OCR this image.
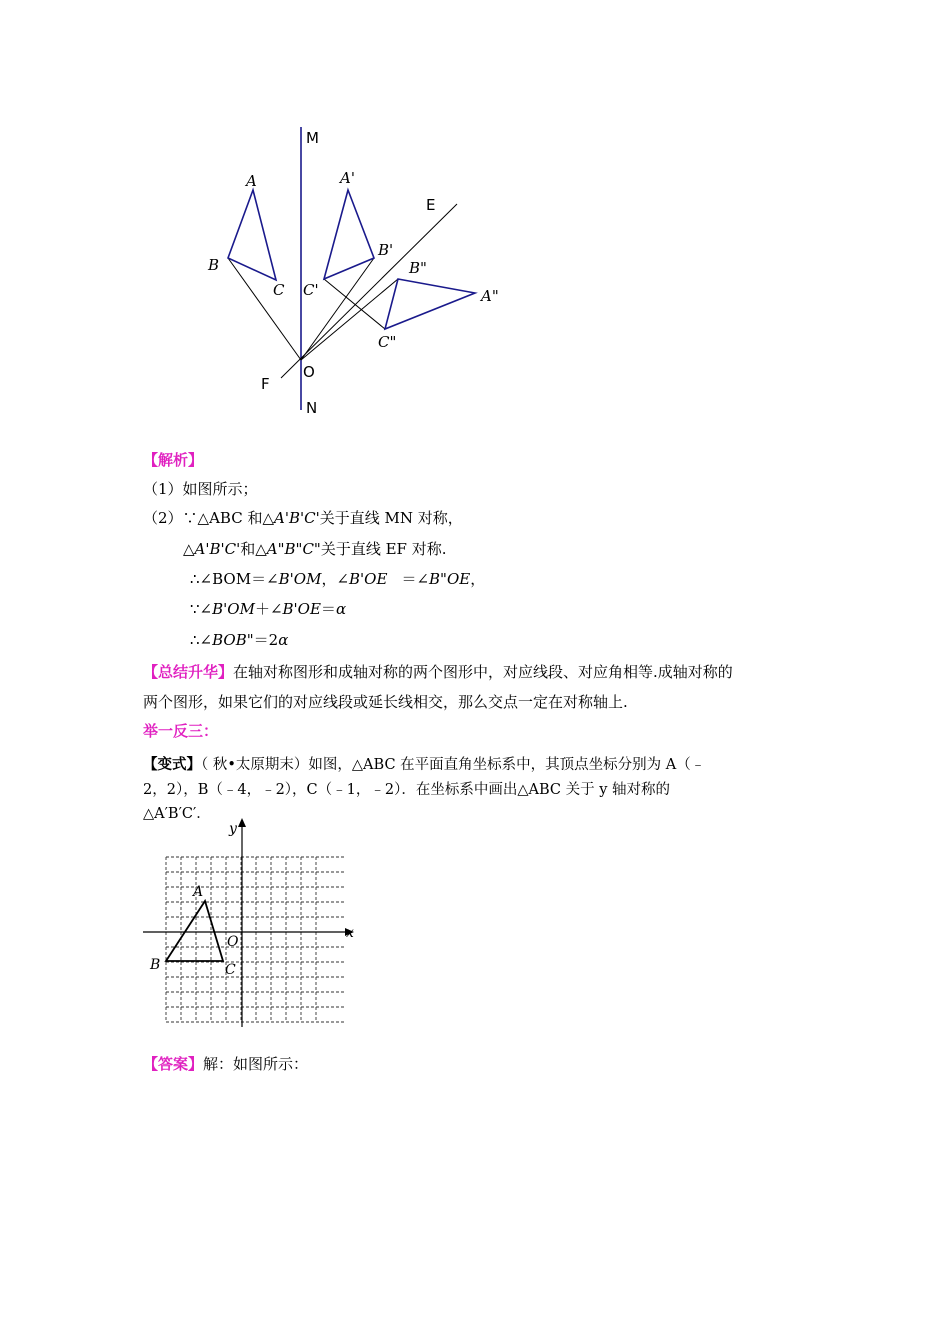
M
N
O
E
F
A
B
C
A'
B'
C'	A"
B"
C"
【解析】
（1）如图所示；
（2）∵△ABC 和△A'B'C'关于直线 MN 对称，
△A'B'C'和△A"B"C"关于直线 EF 对称.
∴∠BOM＝∠B'OM，∠B'OE ＝∠B"OE，
∵∠B'OM＋∠B'OE＝α
∴∠BOB"＝2α
【总结升华】在轴对称图形和成轴对称的两个图形中，对应线段、对应角相等.成轴对称的
两个图形，如果它们的对应线段或延长线相交，那么交点一定在对称轴上.
举一反三：
【变式】（ 秋•太原期末）如图，△ABC 在平面直角坐标系中，其顶点坐标分别为 A（﹣
2，2），B（﹣4，﹣2），C（﹣1，﹣2）．在坐标系中画出△ABC 关于 y 轴对称的
△A′B′C′．
x
y
O
A
B	C
【答案】解：如图所示：
